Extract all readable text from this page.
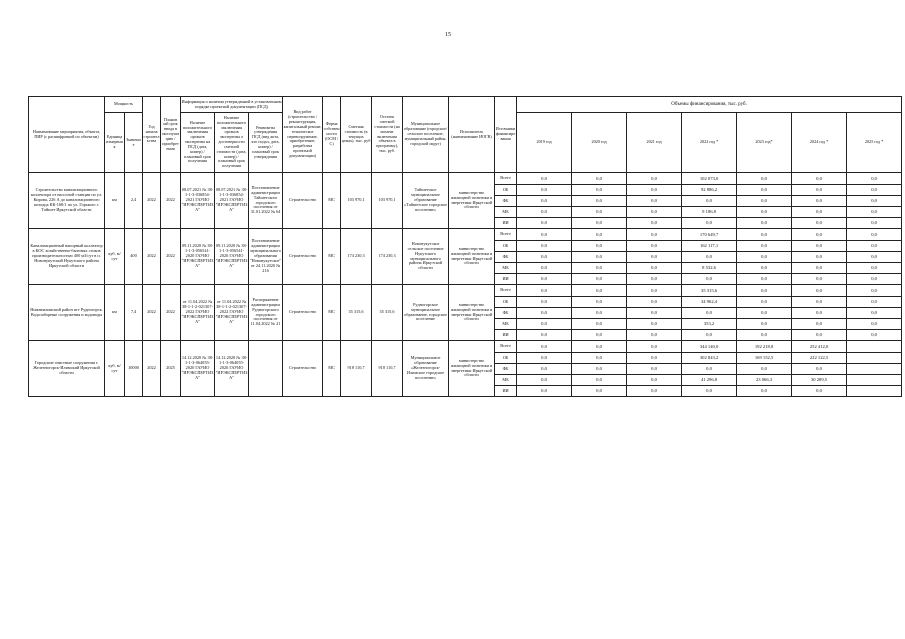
15
Наименование мероприятия, объекта, ПИР (с расшифровкой по объектам)	Мощность		Год начала строительства	Планов ый срок ввода в эксплуатацию / приобретения	Информация о наличии утвержденной в установленном порядке проектной документации (ПСД)			Вид работ (строительство / реконструкция, капитальный ремонт, техническое перевооружение, приобретение, разработка проектной документации)	Форма собственности (ОСМ / С)	Сметная стоимость (в текущих ценах), тыс. руб	Остаток сметной стоимости (на момент включения объекта в программу), тыс. руб.	Муниципальное образование (городское/сельское поселение, муниципальный район, городской округ)	Исполнитель (наименование ИОГВ)	Источники финансирования	Объемы финансирования, тыс. руб.						
	Единица измерения	Значение			Наличие положительного заключения органов экспертизы на ПСД (дата, номер) / плановый срок получения	Наличие положительного заключения органов экспертизы о достоверности сметной стоимости (дата, номер) / плановый срок получения	Реквизиты утверждения ПСД (вид акта, кто подал, дата, номер) / плановый срок утверждения								2019 год	2020 год	2021 год	2022 год *	2023 год*	2024 год *	2025 год *

Строительство канализационного коллектора от насосной станции по ул. Кирова, 226 А до канализационного колодца КК-168/1 по ул. Горького г. Тайшет Иркутской области	км	2,4	2022	2022	08.07.2021 № 38-1-1-3-036854-2021 ГАУИО "ИРЭКСПЕРТИЗА"	08.07.2021 № 38-1-1-3-036854-2021 ГАУИО "ИРЭКСПЕРТИЗА"	Постановление администрации Тайшетского городского поселения от 31.01.2022 № 64	Строительство	МС	103 970,1	103 970,1	Тайшетское муниципальное образование «Тайшетское городское поселение»	министерство жилищной политики и энергетики Иркутской области	Всего	0,0	0,0	0,0	102 073,0	0,0	0,0	0,0
														ОБ	0,0	0,0	0,0	92 886,2	0,0	0,0	0,0
														ФБ	0,0	0,0	0,0	0,0	0,0	0,0	0,0
														МБ	0,0	0,0	0,0	9 186,8	0,0	0,0	0,0
														ИИ	0,0	0,0	0,0	0,0	0,0	0,0	0,0
Канализационный напорный коллектор в КОС хозяйственно-бытовых стоков производительностью 400 м3/сут в п. Новонукутский Нукутского района Иркутской области	куб. м/сут	400	2022	2022	09.11.2020 № 38-1-1-3-056541-2020 ГАУИО "ИРЭКСПЕРТИЗА"	09.11.2020 № 38-1-1-3-056541-2020 ГАУИО "ИРЭКСПЕРТИЗА"	Постановление администрации муниципального образования "Новонукутское" от 24.11.2020 № 216	Строительство	МС	174 230,3	174 230,3	Новонукутское сельское поселение Нукутского муниципального района Иркутской области	министерство жилищной политики и энергетики Иркутской области	Всего	0,0	0,0	0,0	170 649,7	0,0	0,0	0,0
														ОБ	0,0	0,0	0,0	162 117,1	0,0	0,0	0,0
														ФБ	0,0	0,0	0,0	0,0	0,0	0,0	0,0
														МБ	0,0	0,0	0,0	8 532,6	0,0	0,0	0,0
														ИИ	0,0	0,0	0,0	0,0	0,0	0,0	0,0
Нижнеилимский район пгт Рудногорск. Водозаборные сооружения и водоводы	км	7,4	2022	2022	от 11.04.2022 № 38-1-1-2-021307-2022 ГАУИО "ИРЭКСПЕРТИЗА"	от 11.04.2022 № 38-1-1-2-021307-2022 ГАУИО "ИРЭКСПЕРТИЗА"	Распоряжение администрации Рудногорского городского поселения от 11.04.2022 № 21	Строительство	МС	35 315,6	35 315,6	Рудногорское муниципальное образование, городское поселение	министерство жилищной политики и энергетики Иркутской области	Всего	0,0	0,0	0,0	35 315,6	0,0	0,0	0,0
														ОБ	0,0	0,0	0,0	34 962,4	0,0	0,0	0,0
														ФБ	0,0	0,0	0,0	0,0	0,0	0,0	0,0
														МБ	0,0	0,0	0,0	353,2	0,0	0,0	0,0
														ИИ	0,0	0,0	0,0	0,0	0,0	0,0	0,0
Городские очистные сооружения г. Железногорск-Илимский Иркутской области	куб. м/сут	10000	2022	2025	14.12.2020 № 38-1-1-3-064055-2020 ГАУИО "ИРЭКСПЕРТИЗА"	14.12.2020 № 38-1-1-3-064055-2020 ГАУИО "ИРЭКСПЕРТИЗА"		Строительство	МС	918 110,7	918 110,7	Муниципальное образование «Железногорск-Илимское городское поселение»	министерство жилищной политики и энергетики Иркутской области	Всего	0,0	0,0	0,0	344 140,0	192 218,8	252 412,0	
														ОБ	0,0	0,0	0,0	302 843,2	169 152,5	222 122,5	
														ФБ	0,0	0,0	0,0	0,0	0,0	0,0	
														МБ	0,0	0,0	0,0	41 296,8	23 066,3	30 289,5	
														ИИ	0,0	0,0	0,0	0,0	0,0	0,0	
